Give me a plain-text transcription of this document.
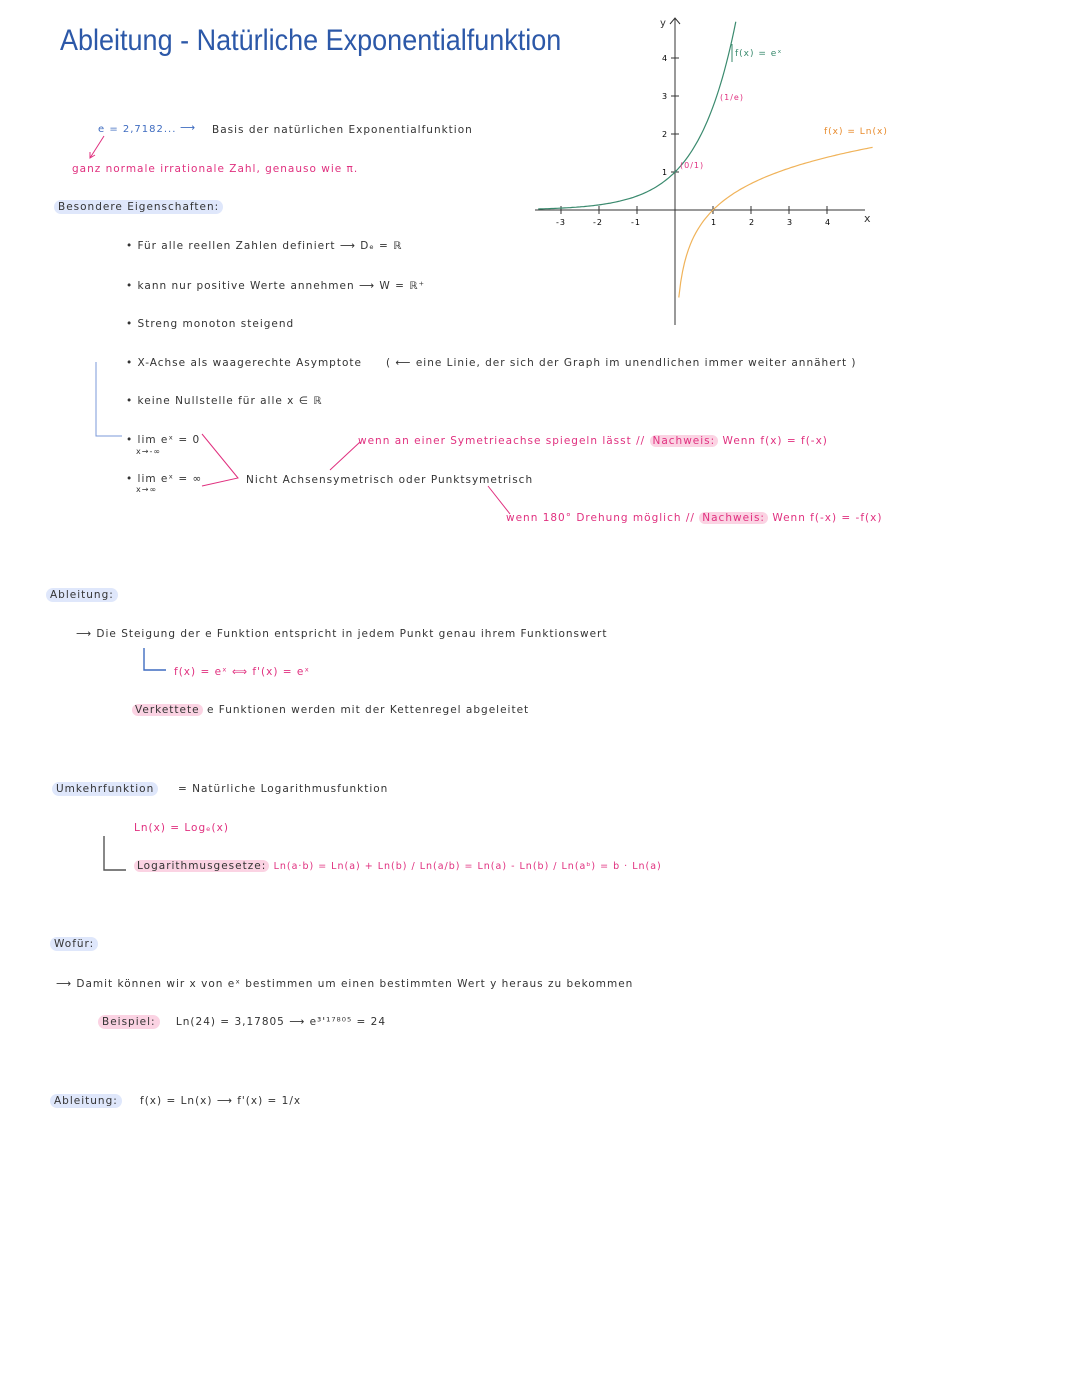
Ableitung - Natürliche Exponentialfunktion
e = 2,7182... ⟶ Basis der natürlichen Exponentialfunktion
ganz normale irrationale Zahl, genauso wie π.
Besondere Eigenschaften:
• Für alle reellen Zahlen definiert ⟶ Dₑ = ℝ
• kann nur positive Werte annehmen ⟶ W = ℝ⁺
• Streng monoton steigend
• X-Achse als waagerechte Asymptote ( ⟵ eine Linie, der sich der Graph im unendlichen immer weiter annähert )
• keine Nullstelle für alle x ∈ ℝ
• lim eˣ = 0
x→-∞
• lim eˣ = ∞
x→∞
Nicht Achsensymetrisch oder Punktsymetrisch
wenn an einer Symetrieachse spiegeln lässt // Nachweis: Wenn f(x) = f(-x)
wenn 180° Drehung möglich // Nachweis: Wenn f(-x) = -f(x)
Ableitung:
⟶ Die Steigung der e Funktion entspricht in jedem Punkt genau ihrem Funktionswert
f(x) = eˣ ⟺ f'(x) = eˣ
Verkettete e Funktionen werden mit der Kettenregel abgeleitet
Umkehrfunktion	= Natürliche Logarithmusfunktion
Ln(x) = Logₑ(x)
Logarithmusgesetze: Ln(a·b) = Ln(a) + Ln(b) / Ln(a/b) = Ln(a) - Ln(b) / Ln(aᵇ) = b · Ln(a)
Wofür:
⟶ Damit können wir x von eˣ bestimmen um einen bestimmten Wert y heraus zu bekommen
Beispiel: Ln(24) = 3,17805 ⟶ e³'¹⁷⁸⁰⁵ = 24
Ableitung:	f(x) = Ln(x) ⟶ f'(x) = 1/x
y
x
-3	-2	-1	1	2	3	4
4
3
2
1
f(x) = eˣ
f(x) = Ln(x)
(1/e)
(0/1)
